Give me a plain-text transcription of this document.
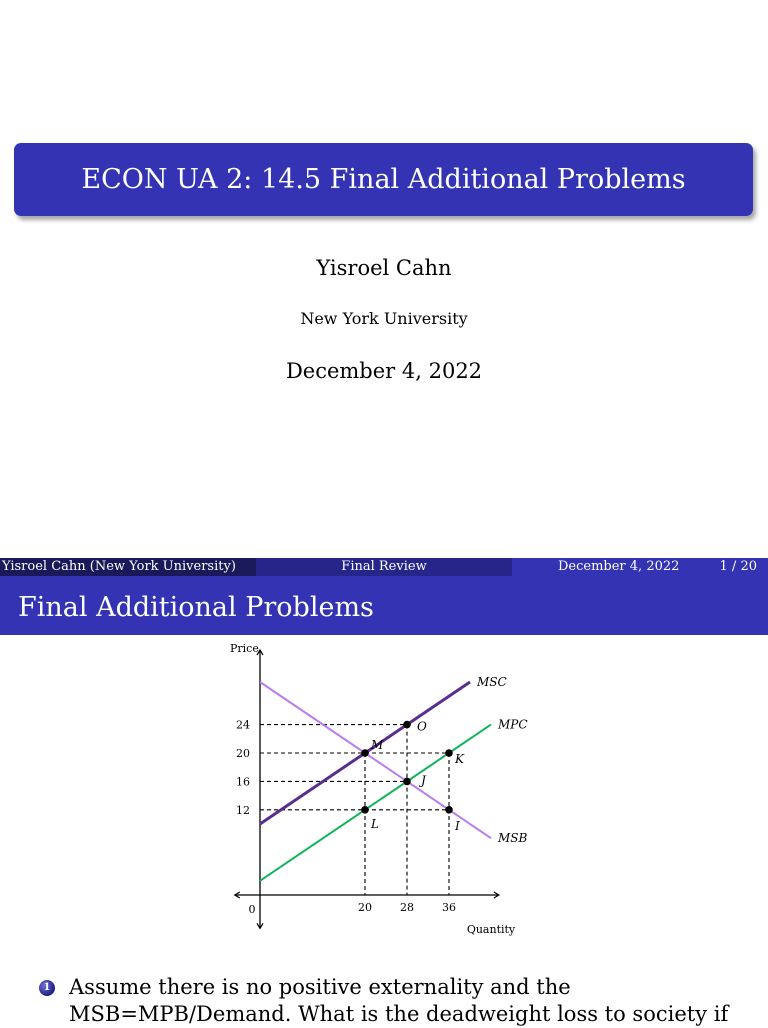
ECON UA 2: 14.5 Final Additional Problems
Yisroel Cahn
New York University
December 4, 2022
Yisroel Cahn (New York University)	Final Review	December 4, 2022	1 / 20
Final Additional Problems
Price
Quantity
MSC
MPC
MSB
12
16
20
24
0	20	28	36
O
K
M
J
L	I
1 Assume there is no positive externality and the MSB=MPB/Demand. What is the deadweight loss to society if
